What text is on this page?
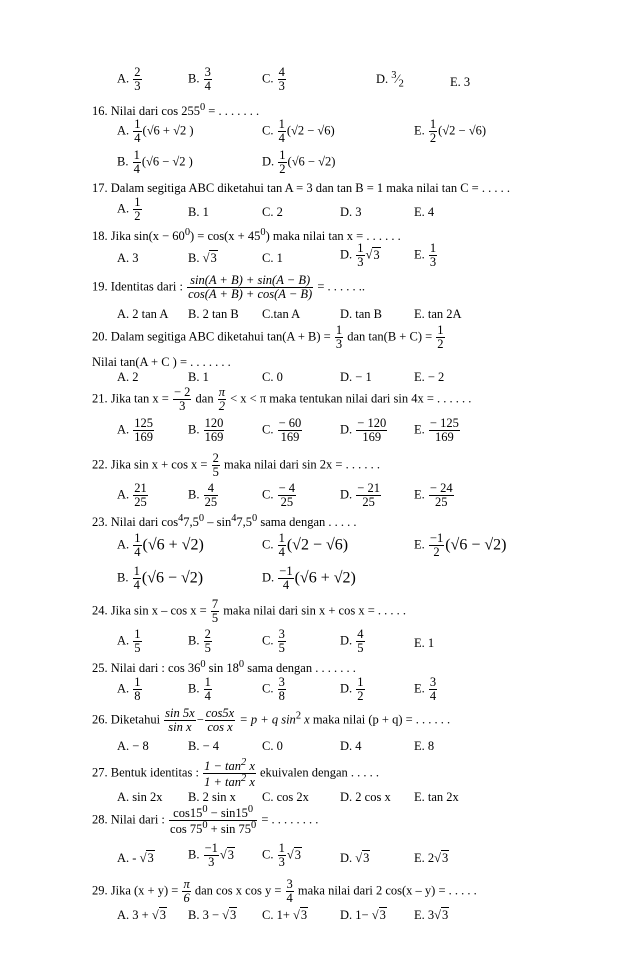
A. $\frac{2}{3}$	B. $\frac{3}{4}$	C. $\frac{4}{3}$	D. $^3⁄_2$	E. 3
16. Nilai dari $\cos 255^0$ = . . . . . . .
A. $\frac{1}{4} (√6 + √2$ )	C. $\frac{1}{4} (√2 - √6)$	E. $\frac{1}{2} (√2 - √6)$
B. $\frac{1}{4} (√6 - √2$ )	D. $\frac{1}{2} (√6 - √2)$
17. Dalam segitiga ABC diketahui tan A = 3 dan tan B = 1 maka nilai tan C = . . . . .
A. $\frac{1}{2}$	B. 1	C. 2	D. 3	E. 4
18. Jika $\sin(x - 60^0) = \cos(x + 45^0)$ maka nilai tan x = . . . . . .
A. 3	B. √3	C. 1	D. $\frac{1}{3} √3$	E. $\frac{1}{3}$
19. Identitas dari : $\frac{\sin(A + B) + \sin(A - B)}{\cos(A + B) + \cos(A - B)}$ = . . . . . ..
A. 2 tan A B. 2 tan B C.tan A	D. tan B	E. tan 2A
20. Dalam segitiga ABC diketahui $\tan(A + B) = \frac{1}{3}$ dan $\tan(B + C) = \frac{1}{2}$
Nilai tan(A + C ) = . . . . . . .
A. 2	B. 1	C. 0	D. − 1	E. − 2
21. Jika $\tan x = \frac{- 2}{3}$ dan $\frac{\pi}{2} < x < \pi$ maka tentukan nilai dari sin 4x = . . . . . .
A. $\frac{125}{169}$	B. $\frac{120}{169}$	C. $\frac{- 60}{169}$	D. $\frac{- 120}{169} E$. $\frac{- 125}{169}$
22. Jika $\sin x + \cos x = \frac{2}{5}$ maka nilai dari sin 2x = . . . . . .
A. $\frac{21}{25}$	B. $\frac{4}{25}$	C. $\frac{- 4}{25}$	D. $\frac{- 21}{25}$	E. $\frac{- 24}{25}$
23. Nilai dari $\cos^47,5^0 - \sin^47,5^0$ sama dengan . . . . .
A. $\frac{1}{4} (√6 + √2)$	C. $\frac{1}{4} (√2 - √6)$	E. $\frac{-1}{2} (√6 - √2)$
B. $\frac{1}{4} (√6 - √2)$	D. $\frac{-1}{4} (√6 + √2)$
24. Jika $\sin x - \cos x = \frac{7}{5}$ maka nilai dari sin x + cos x = . . . . .
A. $\frac{1}{5}$	B. $\frac{2}{5}$	C. $\frac{3}{5}$	D. $\frac{4}{5}$	E. 1
25. Nilai dari : $\cos 36^0$ $\sin 18^0$ sama dengan . . . . . . .
A. $\frac{1}{8}$	B. $\frac{1}{4}$	C. $\frac{3}{8}$	D. $\frac{1}{2}$	E. $\frac{3}{4}$
26. Diketahui $\frac{\sin 5x}{\text{sin x}} - \frac{\cos 5x}{\text{cos x}} = p + q$ $\sin^2 x$ maka nilai (p + q) = . . . . . .
A. − 8	B. − 4	C. 0	D. 4	E. 8
27. Bentuk identitas : $\frac{1 - \tan^2 x}{1 + \tan^2 x}$ ekuivalen dengan . . . . .
A. sin 2x B. 2 sin x C. cos 2x D. 2 cos x E. tan 2x
28. Nilai dari : $\frac{\cos 15^0 - \sin 15^0}{\cos 75^0 + \sin 75^0}$ = . . . . . . . .
A. - √3	B. $\frac{-1}{3} √3$ C. $\frac{1}{3} √3$	D. √3	E. 2√3
29. Jika $(x + y) = \frac{\pi}{6}$ dan cos x $\cos y = \frac{3}{4}$ maka nilai dari 2 cos(x – y) = . . . . .
A. 3 + √3 B. 3 − √3 C. 1+ √3	D. 1− √3 E. 3√3
